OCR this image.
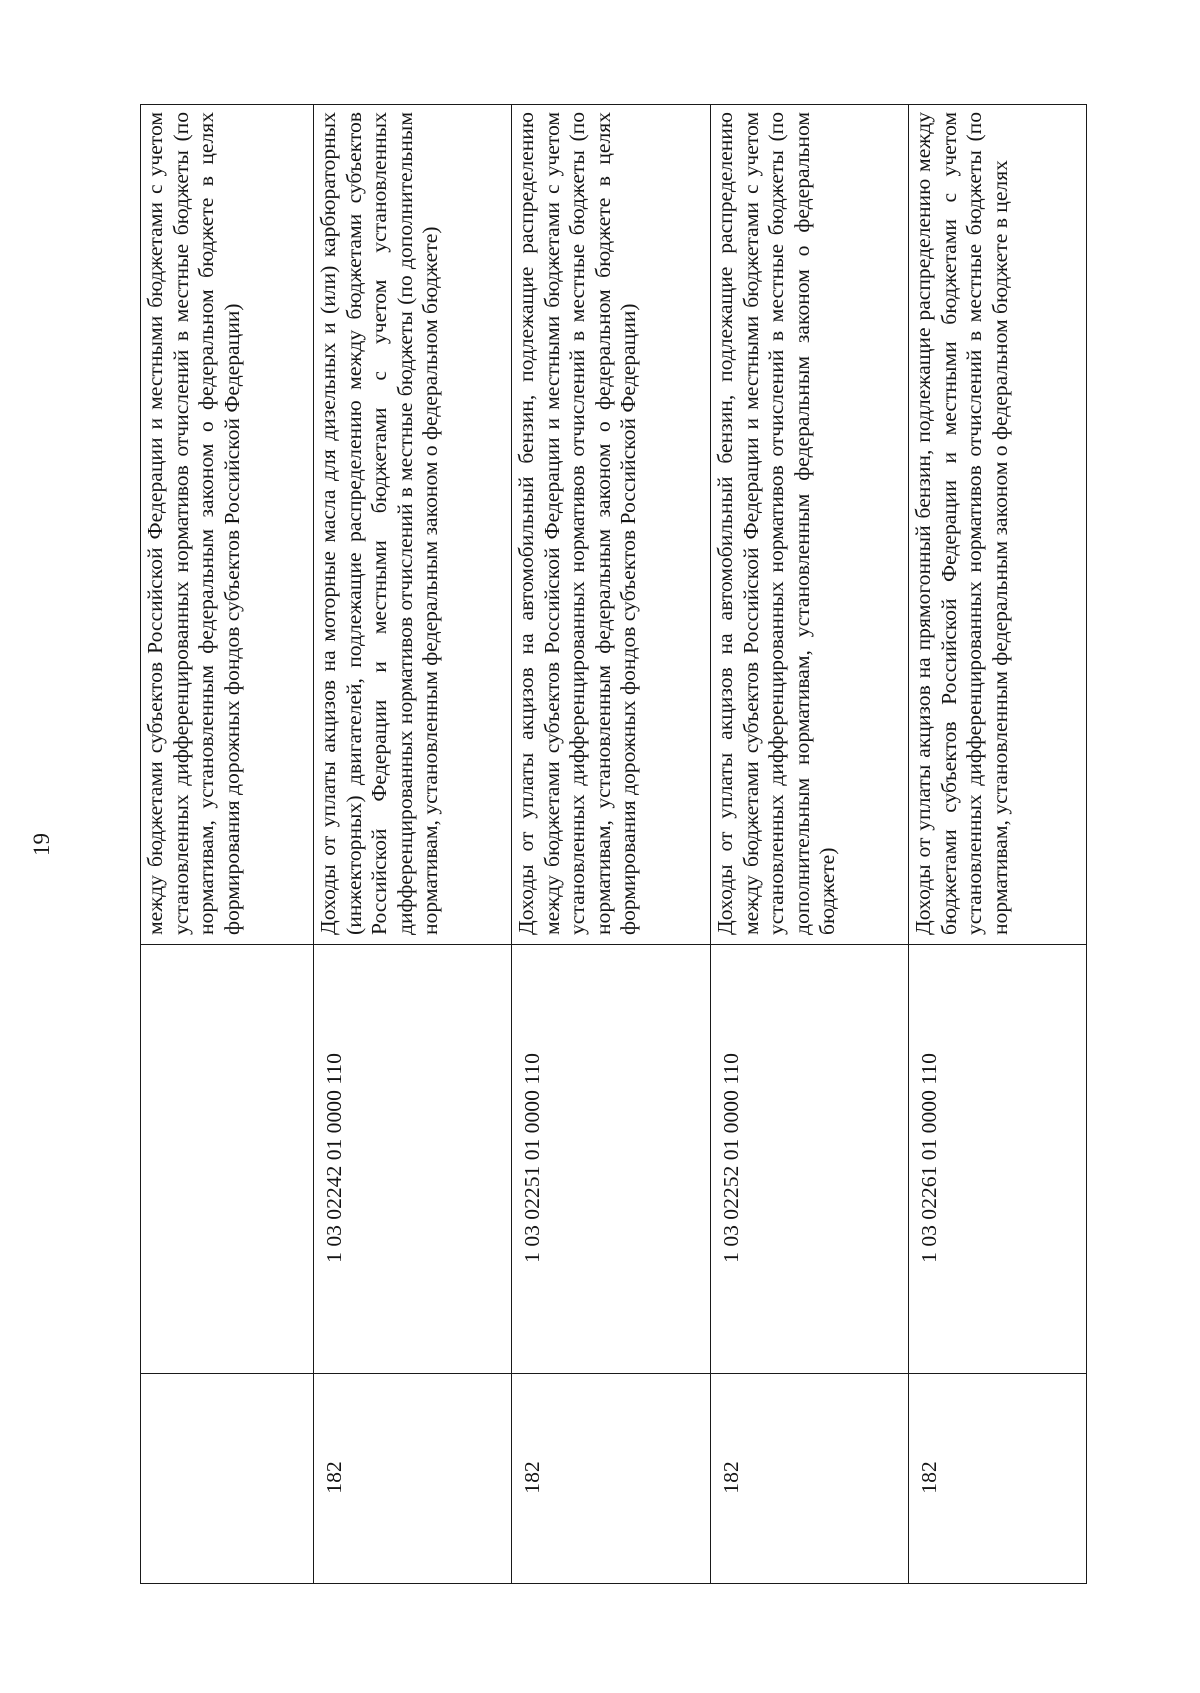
19
			между бюджетами субъектов Российской Федерации и местными бюджетами с учетом установленных дифференцированных нормативов отчислений в местные бюджеты (по нормативам, установленным федеральным законом о федеральном бюджете в целях формирования дорожных фондов субъектов Российской Федерации)
182	1 03 02242 01 0000 110	Доходы от уплаты акцизов на моторные масла для дизельных и (или) карбюраторных (инжекторных) двигателей, подлежащие распределению между бюджетами субъектов Российской Федерации и местными бюджетами с учетом установленных дифференцированных нормативов отчислений в местные бюджеты (по дополнительным нормативам, установленным федеральным законом о федеральном бюджете)
182	1 03 02251 01 0000 110	Доходы от уплаты акцизов на автомобильный бензин, подлежащие распределению между бюджетами субъектов Российской Федерации и местными бюджетами с учетом установленных дифференцированных нормативов отчислений в местные бюджеты (по нормативам, установленным федеральным законом о федеральном бюджете в целях формирования дорожных фондов субъектов Российской Федерации)
182	1 03 02252 01 0000 110	Доходы от уплаты акцизов на автомобильный бензин, подлежащие распределению между бюджетами субъектов Российской Федерации и местными бюджетами с учетом установленных дифференцированных нормативов отчислений в местные бюджеты (по дополнительным нормативам, установленным федеральным законом о федеральном бюджете)
182	1 03 02261 01 0000 110	Доходы от уплаты акцизов на прямогонный бензин, подлежащие распределению между бюджетами субъектов Российской Федерации и местными бюджетами с учетом установленных дифференцированных нормативов отчислений в местные бюджеты (по нормативам, установленным федеральным законом о федеральном бюджете в целях
